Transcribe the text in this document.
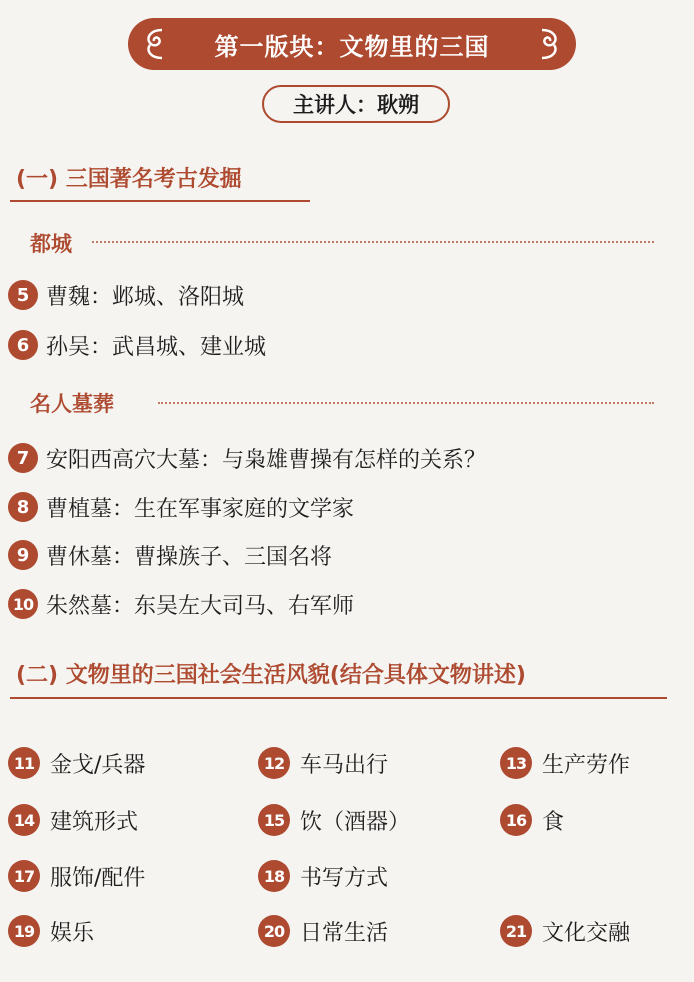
第一版块：文物里的三国
主讲人：耿朔
(一) 三国著名考古发掘
都城
5 曹魏：邺城、洛阳城
6 孙吴：武昌城、建业城
名人墓葬
7 安阳西高穴大墓：与枭雄曹操有怎样的关系？
8 曹植墓：生在军事家庭的文学家
9 曹休墓：曹操族子、三国名将
10 朱然墓：东吴左大司马、右军师
(二) 文物里的三国社会生活风貌(结合具体文物讲述)
11 金戈/兵器	12 车马出行	13 生产劳作
14 建筑形式	15 饮（酒器）	16 食
17 服饰/配件	18 书写方式
19 娱乐	20 日常生活	21 文化交融
